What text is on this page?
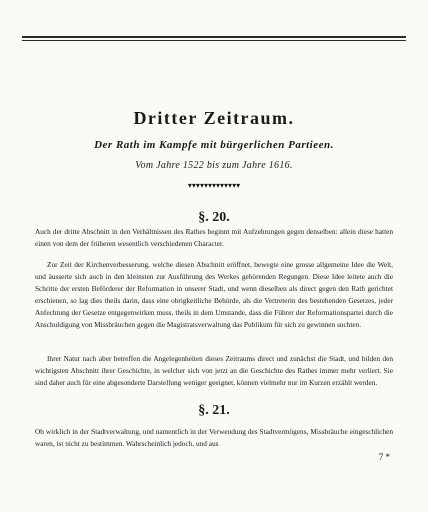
Dritter Zeitraum.
Der Rath im Kampfe mit bürgerlichen Partieen.
Vom Jahre 1522 bis zum Jahre 1616.
▾▾▾▾▾▾▾▾▾▾▾▾▾
§. 20.
Auch der dritte Abschnitt in den Verhältnissen des Rathes beginnt mit Aufzehrungen gegen denselben: allein diese hatten einen von dem der früheren wesentlich verschiedenen Character.
Zur Zeit der Kirchenverbesserung, welche diesen Abschnitt eröffnet, bewegte eine grosse allgemeine Idee die Welt, und äusserte sich auch in den kleinsten zur Ausführung des Werkes gehörenden Regungen. Diese Idee leitete auch die Schritte der ersten Beförderer der Reformation in unserer Stadt, und wenn dieselben als direct gegen den Rath gerichtet erschienen, so lag dies theils darin, dass eine obrigkeitliche Behörde, als die Vertreterin des bestehenden Gesetzes, jeder Anfechtung der Gesetze entgegenwirken muss, theils in dem Umstande, dass die Führer der Reformationspartei durch die Anschuldigung von Missbräuchen gegen die Magistratsverwaltung das Publikum für sich zu gewinnen suchten.
Ihrer Natur nach aber betreffen die Angelegenheiten dieses Zeitraums direct und zunächst die Stadt, und bilden den wichtigsten Abschnitt ihrer Geschichte, in welcher sich von jetzt an die Geschichte des Rathes immer mehr verliert. Sie sind daher auch für eine abgesonderte Darstellung weniger geeignet, können vielmehr nur im Kurzen erzählt werden.
§. 21.
Ob wirklich in der Stadtverwaltung, und namentlich in der Verwendung des Stadtvermögens, Missbräuche eingeschlichen waren, ist nicht zu bestimmen. Wahrscheinlich jedoch, und aus
7 *
